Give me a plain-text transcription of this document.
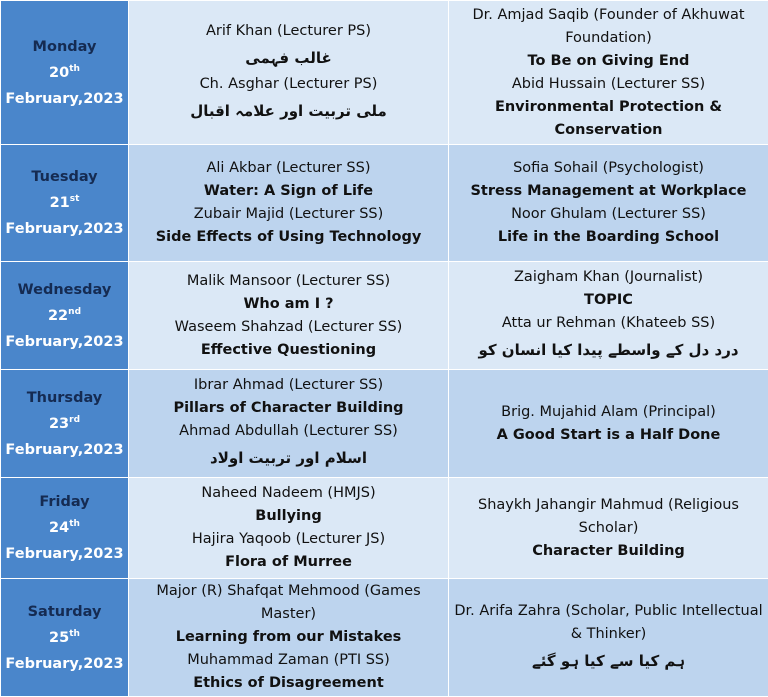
Monday
20th
February,2023	Arif Khan (Lecturer PS)
غالب فہمی
Ch. Asghar (Lecturer PS)
ملی تربیت اور علامہ اقبال	Dr. Amjad Saqib (Founder of Akhuwat Foundation)
To Be on Giving End
Abid Hussain (Lecturer SS)
Environmental Protection & Conservation

Tuesday
21st
February,2023	Ali Akbar (Lecturer SS)
Water: A Sign of Life
Zubair Majid (Lecturer SS)
Side Effects of Using Technology	Sofia Sohail (Psychologist)
Stress Management at Workplace
Noor Ghulam (Lecturer SS)
Life in the Boarding School

Wednesday
22nd
February,2023	Malik Mansoor (Lecturer SS)
Who am I ?
Waseem Shahzad (Lecturer SS)
Effective Questioning	Zaigham Khan (Journalist)
TOPIC
Atta ur Rehman (Khateeb SS)
درد دل کے واسطے پیدا کیا انسان کو

Thursday
23rd
February,2023	Ibrar Ahmad (Lecturer SS)
Pillars of Character Building
Ahmad Abdullah (Lecturer SS)
اسلام اور تربیت اولاد	Brig. Mujahid Alam (Principal)
A Good Start is a Half Done

Friday
24th
February,2023	Naheed Nadeem (HMJS)
Bullying
Hajira Yaqoob (Lecturer JS)
Flora of Murree	Shaykh Jahangir Mahmud (Religious Scholar)
Character Building

Saturday
25th
February,2023	Major (R) Shafqat Mehmood (Games Master)
Learning from our Mistakes
Muhammad Zaman (PTI SS)
Ethics of Disagreement	Dr. Arifa Zahra (Scholar, Public Intellectual & Thinker)
ہم کیا سے کیا ہو گئے
